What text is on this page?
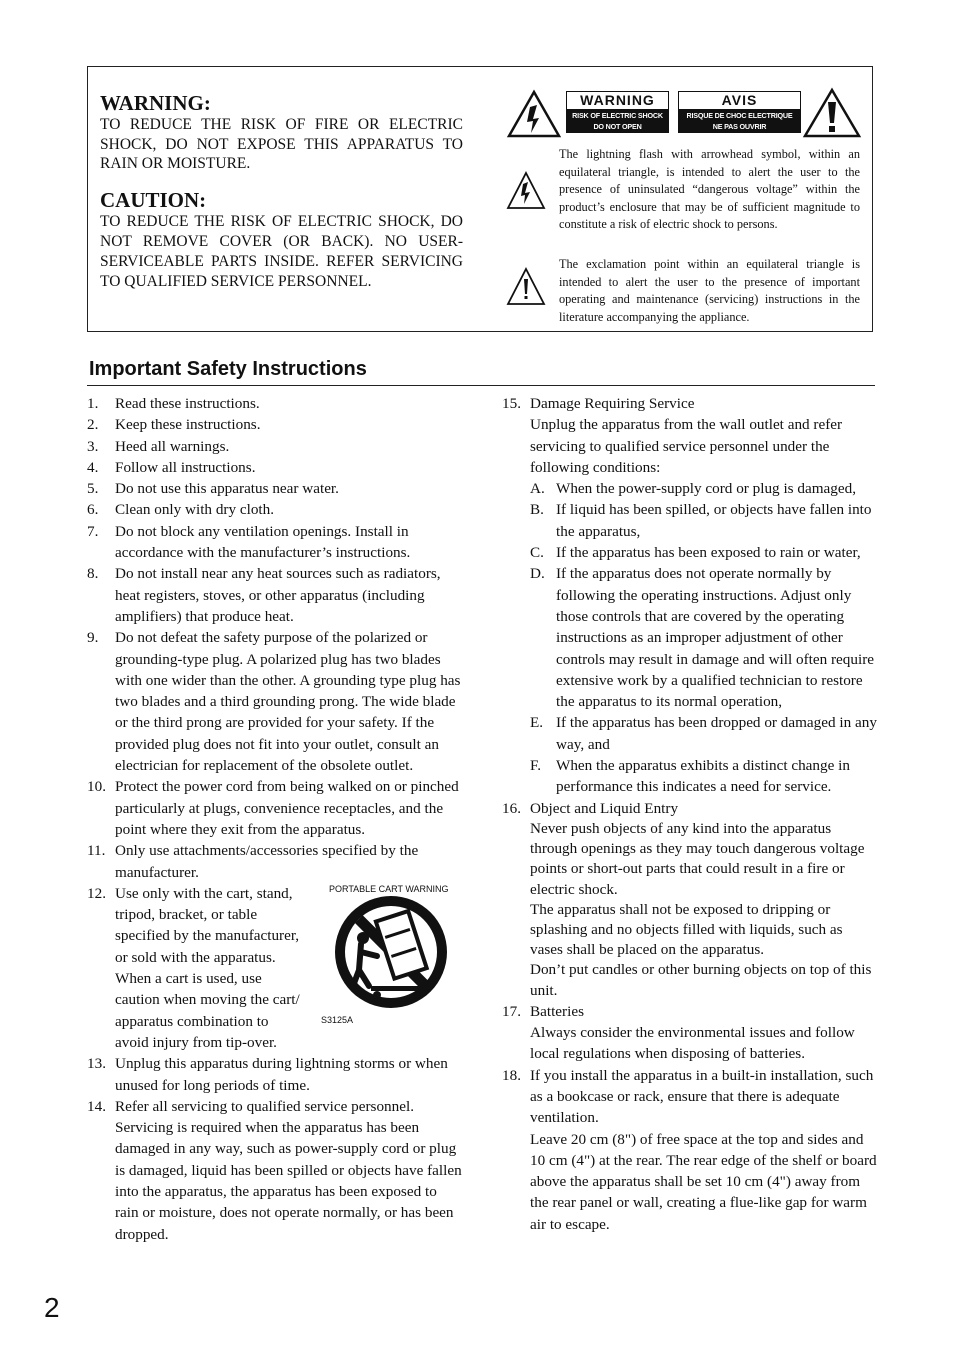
WARNING:

TO REDUCE THE RISK OF FIRE OR ELECTRIC SHOCK, DO NOT EXPOSE THIS APPARATUS TO RAIN OR MOISTURE.

CAUTION:

TO REDUCE THE RISK OF ELECTRIC SHOCK, DO NOT REMOVE COVER (OR BACK). NO USER-SERVICEABLE PARTS INSIDE. REFER SERVICING TO QUALIFIED SERVICE PERSONNEL.

WARNING
RISK OF ELECTRIC SHOCK
DO NOT OPEN
AVIS
RISQUE DE CHOC ELECTRIQUE
NE PAS OUVRIR
The lightning flash with arrowhead symbol, within an equilateral triangle, is intended to alert the user to the presence of uninsulated “dangerous voltage” within the product’s enclosure that may be of sufficient magnitude to constitute a risk of electric shock to persons.
The exclamation point within an equilateral triangle is intended to alert the user to the presence of important operating and maintenance (servicing) instructions in the literature accompanying the appliance.
Important Safety Instructions
1. Read these instructions.

2. Keep these instructions.

3. Heed all warnings.

4. Follow all instructions.

5. Do not use this apparatus near water.

6. Clean only with dry cloth.

7. Do not block any ventilation openings. Install in accordance with the manufacturer’s instructions.

8. Do not install near any heat sources such as radiators, heat registers, stoves, or other apparatus (including amplifiers) that produce heat.

9. Do not defeat the safety purpose of the polarized or grounding-type plug. A polarized plug has two blades with one wider than the other. A grounding type plug has two blades and a third grounding prong. The wide blade or the third prong are provided for your safety. If the provided plug does not fit into your outlet, consult an electrician for replacement of the obsolete outlet.

10. Protect the power cord from being walked on or pinched particularly at plugs, convenience receptacles, and the point where they exit from the apparatus.

11. Only use attachments/accessories specified by the manufacturer.

12. Use only with the cart, stand, tripod, bracket, or table specified by the manufacturer, or sold with the apparatus. When a cart is used, use caution when moving the cart/ apparatus combination to avoid injury from tip-over.

PORTABLE CART WARNING
S3125A
13. Unplug this apparatus during lightning storms or when unused for long periods of time.

14. Refer all servicing to qualified service personnel. Servicing is required when the apparatus has been damaged in any way, such as power-supply cord or plug is damaged, liquid has been spilled or objects have fallen into the apparatus, the apparatus has been exposed to rain or moisture, does not operate normally, or has been dropped.

15. Damage Requiring Service

Unplug the apparatus from the wall outlet and refer servicing to qualified service personnel under the following conditions:

A. When the power-supply cord or plug is damaged,

B. If liquid has been spilled, or objects have fallen into the apparatus,

C. If the apparatus has been exposed to rain or water,

D. If the apparatus does not operate normally by following the operating instructions. Adjust only those controls that are covered by the operating instructions as an improper adjustment of other controls may result in damage and will often require extensive work by a qualified technician to restore the apparatus to its normal operation,

E. If the apparatus has been dropped or damaged in any way, and

F. When the apparatus exhibits a distinct change in performance this indicates a need for service.

16. Object and Liquid Entry

Never push objects of any kind into the apparatus through openings as they may touch dangerous voltage points or short-out parts that could result in a fire or electric shock.

The apparatus shall not be exposed to dripping or splashing and no objects filled with liquids, such as vases shall be placed on the apparatus.

Don’t put candles or other burning objects on top of this unit.

17. Batteries

Always consider the environmental issues and follow local regulations when disposing of batteries.

18. If you install the apparatus in a built-in installation, such as a bookcase or rack, ensure that there is adequate ventilation.

Leave 20 cm (8") of free space at the top and sides and 10 cm (4") at the rear. The rear edge of the shelf or board above the apparatus shall be set 10 cm (4") away from the rear panel or wall, creating a flue-like gap for warm air to escape.

2
